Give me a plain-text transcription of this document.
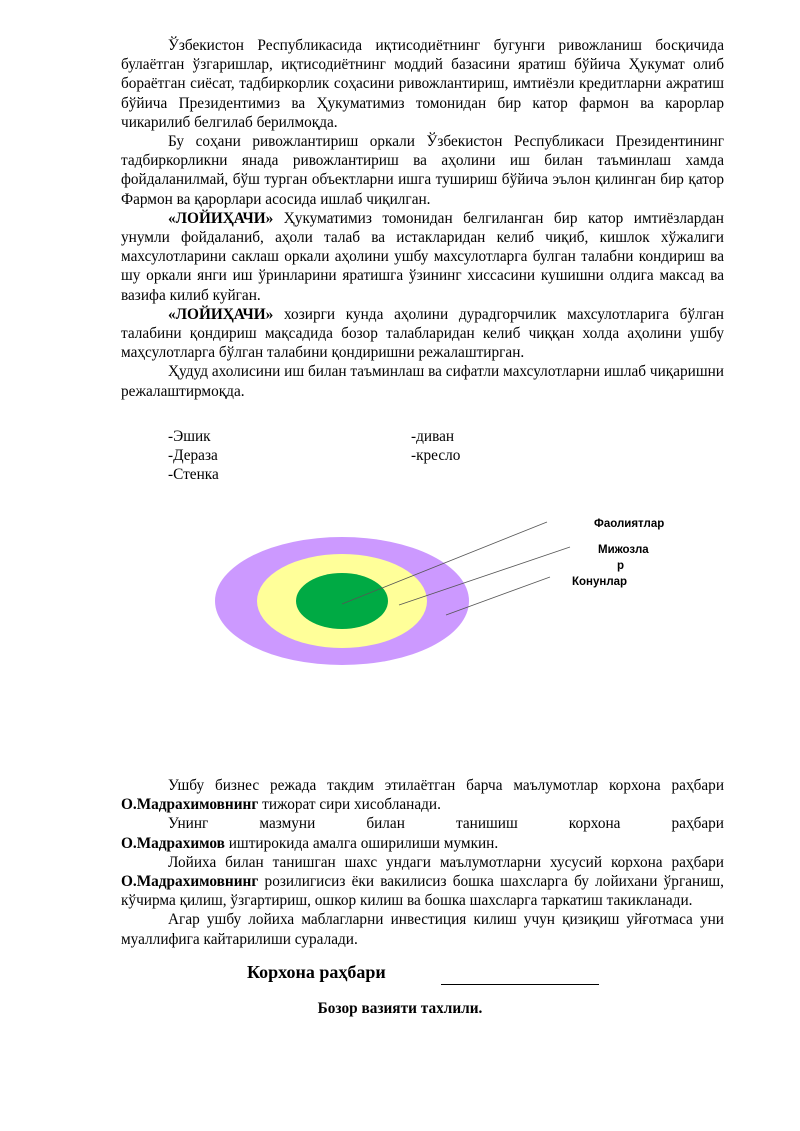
Ўзбекистон Республикасида иқтисодиётнинг бугунги ривожланиш босқичида булаётган ўзгаришлар, иқтисодиётнинг моддий базасини яратиш бўйича Ҳукумат олиб бораётган сиёсат, тадбиркорлик соҳасини ривожлантириш, имтиёзли кредитларни ажратиш бўйича Президентимиз ва Ҳукуматимиз томонидан бир катор фармон ва карорлар чикарилиб белгилаб берилмоқда.

Бу соҳани ривожлантириш оркали Ўзбекистон Республикаси Президентининг тадбиркорликни янада ривожлантириш ва аҳолини иш билан таъминлаш хамда фойдаланилмай, бўш турган объектларни ишга тушириш бўйича эълон қилинган бир қатор Фармон ва қарорлари асосида ишлаб чиқилган.

«ЛОЙИҲАЧИ» Ҳукуматимиз томонидан белгиланган бир катор имтиёзлардан унумли фойдаланиб, аҳоли талаб ва истакларидан келиб чиқиб, кишлок хўжалиги махсулотларини саклаш оркали аҳолини ушбу махсулотларга булган талабни кондириш ва шу оркали янги иш ўринларини яратишга ўзининг хиссасини кушишни олдига максад ва вазифа килиб куйган.

«ЛОЙИҲАЧИ» хозирги кунда аҳолини дурадгорчилик махсулотларига бўлган талабини қондириш мақсадида бозор талабларидан келиб чиққан холда аҳолини ушбу маҳсулотларга бўлган талабини қондиришни режалаштирган.

Ҳудуд ахолисини иш билан таъминлаш ва сифатли махсулотларни ишлаб чиқаришни режалаштирмоқда.

-Эшик
-Дераза
-Стенка
-диван
-кресло
Фаолиятлар
Мижозла
р
Конунлар

Ушбу бизнес режада такдим этилаётган барча маълумотлар корхона раҳбари О.Мадрахимовнинг тижорат сири хисобланади.

Унинг	мазмуни	билан	танишиш	корхона	раҳбари

О.Мадрахимов иштирокида амалга оширилиши мумкин.

Лойиха билан танишган шахс ундаги маълумотларни хусусий корхона раҳбари О.Мадрахимовнинг розилигисиз ёки вакилисиз бошка шахсларга бу лойихани ўрганиш, кўчирма қилиш, ўзгартириш, ошкор килиш ва бошка шахсларга таркатиш такикланади.

Агар ушбу лойиха маблагларни инвестиция килиш учун қизиқиш уйғотмаса уни муаллифига кайтарилиши суралади.

Корхона раҳбари
Бозор вазияти тахлили.
